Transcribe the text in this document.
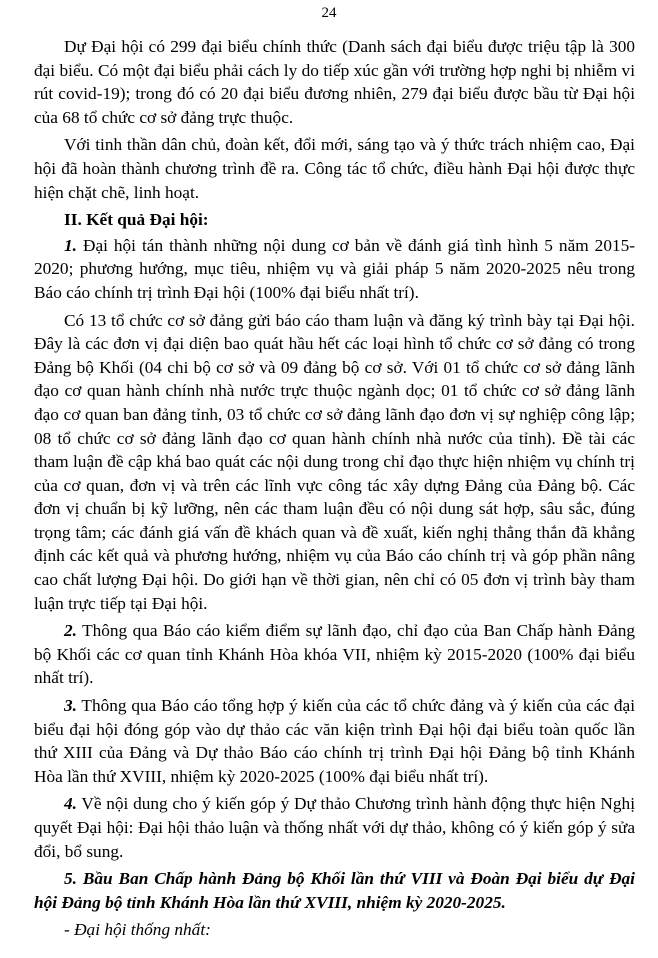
24

Dự Đại hội có 299 đại biểu chính thức (Danh sách đại biểu được triệu tập là 300 đại biểu. Có một đại biểu phải cách ly do tiếp xúc gần với trường hợp nghi bị nhiễm vi rút covid-19); trong đó có 20 đại biểu đương nhiên, 279 đại biểu được bầu từ Đại hội của 68 tổ chức cơ sở đảng trực thuộc.

Với tinh thần dân chủ, đoàn kết, đổi mới, sáng tạo và ý thức trách nhiệm cao, Đại hội đã hoàn thành chương trình đề ra. Công tác tổ chức, điều hành Đại hội được thực hiện chặt chẽ, linh hoạt.

II. Kết quả Đại hội:

1. Đại hội tán thành những nội dung cơ bản về đánh giá tình hình 5 năm 2015-2020; phương hướng, mục tiêu, nhiệm vụ và giải pháp 5 năm 2020-2025 nêu trong Báo cáo chính trị trình Đại hội (100% đại biểu nhất trí).

Có 13 tổ chức cơ sở đảng gửi báo cáo tham luận và đăng ký trình bày tại Đại hội. Đây là các đơn vị đại diện bao quát hầu hết các loại hình tổ chức cơ sở đảng có trong Đảng bộ Khối (04 chi bộ cơ sở và 09 đảng bộ cơ sở. Với 01 tổ chức cơ sở đảng lãnh đạo cơ quan hành chính nhà nước trực thuộc ngành dọc; 01 tổ chức cơ sở đảng lãnh đạo cơ quan ban đảng tỉnh, 03 tổ chức cơ sở đảng lãnh đạo đơn vị sự nghiệp công lập; 08 tổ chức cơ sở đảng lãnh đạo cơ quan hành chính nhà nước của tỉnh). Đề tài các tham luận đề cập khá bao quát các nội dung trong chỉ đạo thực hiện nhiệm vụ chính trị của cơ quan, đơn vị và trên các lĩnh vực công tác xây dựng Đảng của Đảng bộ. Các đơn vị chuẩn bị kỹ lưỡng, nên các tham luận đều có nội dung sát hợp, sâu sắc, đúng trọng tâm; các đánh giá vấn đề khách quan và đề xuất, kiến nghị thẳng thắn đã khẳng định các kết quả và phương hướng, nhiệm vụ của Báo cáo chính trị và góp phần nâng cao chất lượng Đại hội. Do giới hạn về thời gian, nên chỉ có 05 đơn vị trình bày tham luận trực tiếp tại Đại hội.

2. Thông qua Báo cáo kiểm điểm sự lãnh đạo, chỉ đạo của Ban Chấp hành Đảng bộ Khối các cơ quan tỉnh Khánh Hòa khóa VII, nhiệm kỳ 2015-2020 (100% đại biểu nhất trí).

3. Thông qua Báo cáo tổng hợp ý kiến của các tổ chức đảng và ý kiến của các đại biểu đại hội đóng góp vào dự thảo các văn kiện trình Đại hội đại biểu toàn quốc lần thứ XIII của Đảng và Dự thảo Báo cáo chính trị trình Đại hội Đảng bộ tỉnh Khánh Hòa lần thứ XVIII, nhiệm kỳ 2020-2025 (100% đại biểu nhất trí).

4. Về nội dung cho ý kiến góp ý Dự thảo Chương trình hành động thực hiện Nghị quyết Đại hội: Đại hội thảo luận và thống nhất với dự thảo, không có ý kiến góp ý sửa đổi, bổ sung.

5. Bầu Ban Chấp hành Đảng bộ Khối lần thứ VIII và Đoàn Đại biểu dự Đại hội Đảng bộ tỉnh Khánh Hòa lần thứ XVIII, nhiệm kỳ 2020-2025.

- Đại hội thống nhất:
